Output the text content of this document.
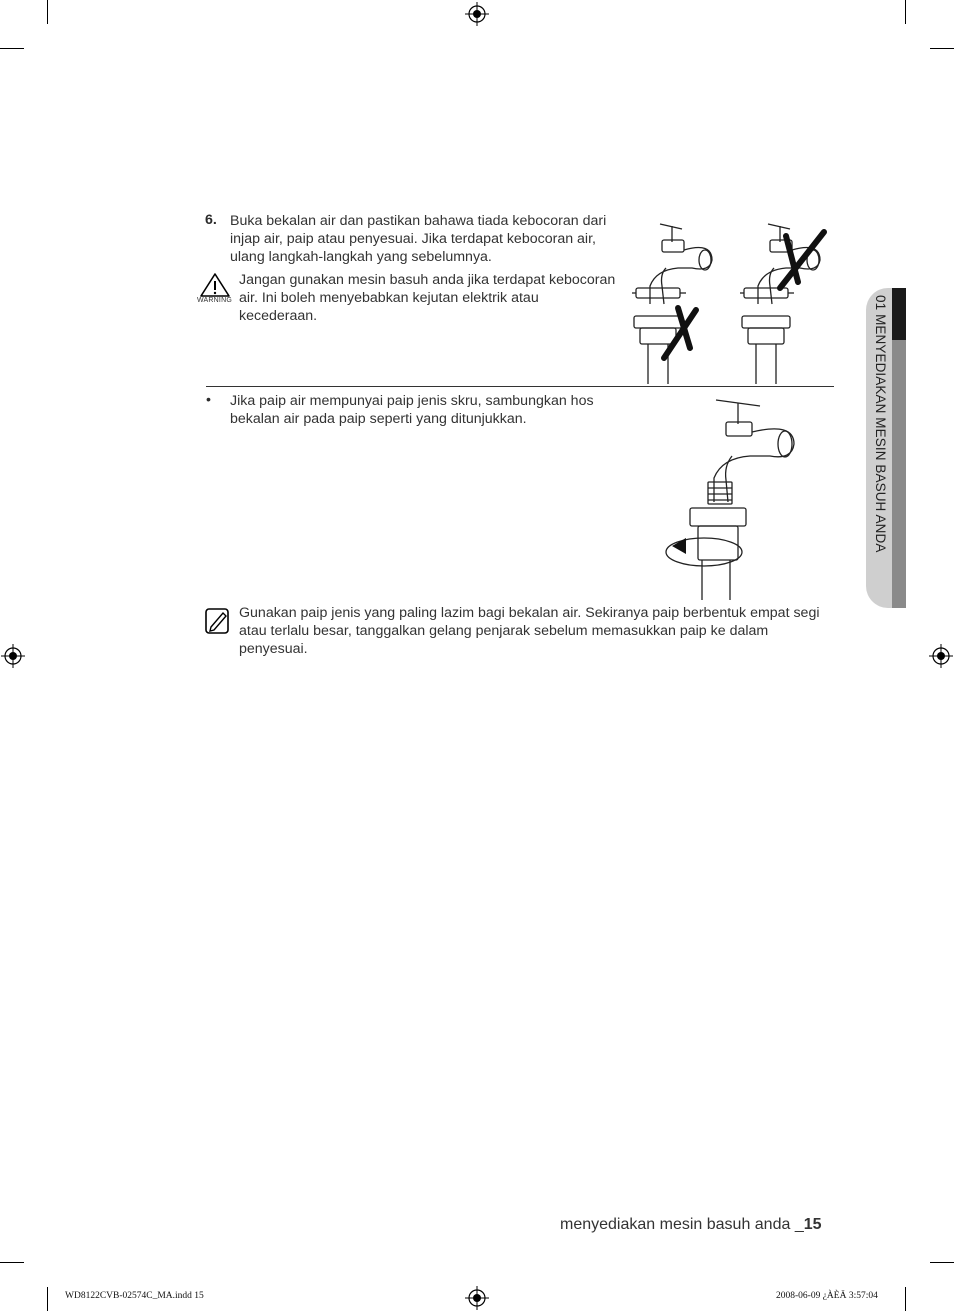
6. Buka bekalan air dan pastikan bahawa tiada kebocoran dari injap air, paip atau penyesuai. Jika terdapat kebocoran air, ulang langkah-langkah yang sebelumnya.
WARNING
Jangan gunakan mesin basuh anda jika terdapat kebocoran air. Ini boleh menyebabkan kejutan elektrik atau kecederaan.
• Jika paip air mempunyai paip jenis skru, sambungkan hos bekalan air pada paip seperti yang ditunjukkan.
Gunakan paip jenis yang paling lazim bagi bekalan air. Sekiranya paip berbentuk empat segi atau terlalu besar, tanggalkan gelang penjarak sebelum memasukkan paip ke dalam penyesuai.
01 MENYEDIAKAN MESIN BASUH ANDA
menyediakan mesin basuh anda _15
WD8122CVB-02574C_MA.indd 15	2008-06-09 ¿ÀÈÄ 3:57:04
